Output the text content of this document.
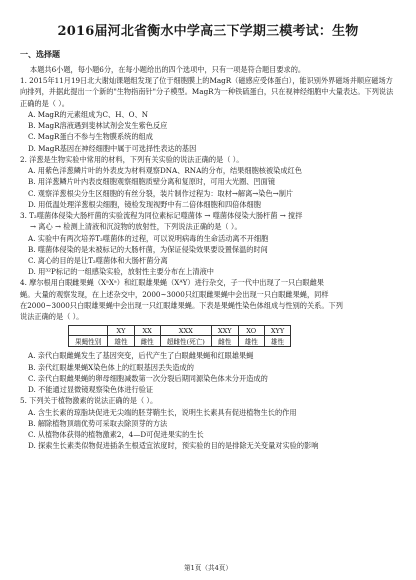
2016届河北省衡水中学高三下学期三模考试：生物
一、选择题

本题共6小题，每小题6分，在每小题给出的四个选项中，只有一项是符合题目要求的。

1. 2015年11月19日北大谢灿课题组发现了位于细胞膜上的MagR（磁感应受体蛋白），能识别外界磁场并顺应磁场方向排列，并据此提出一个新的"生物指南针"分子模型。MagR为一种铁硫蛋白，只在视神经细胞中大量表达。下列说法正确的是（ ）。

A. MagR的元素组成为C、H、O、N

B. MagR溶液遇到斐林试剂会发生紫色反应

C. MagR蛋白不参与生物膜系统的组成

D. MagR基因在神经细胞中属于可选择性表达的基因

2. 洋葱是生物实验中常用的材料，下列有关实验的说法正确的是（ ）。

A. 用紫色洋葱鳞片叶的外表皮为材料观察DNA、RNA的分布，结果细胞核被染成红色

B. 用洋葱鳞片叶内表皮细胞观察细胞质壁分离和复原时，可用大光圈、凹面镜

C. 观察洋葱根尖分生区细胞的有丝分裂，装片制作过程为：取材→解离→染色→制片

D. 用低温处理洋葱根尖细胞，镜检发现视野中有二倍体细胞和四倍体细胞

3. T₂噬菌体侵染大肠杆菌的实验流程为同位素标记噬菌体 → 噬菌体侵染大肠杆菌 → 搅拌

→ 离心 → 检测上清液和沉淀物的放射性，下列说法正确的是（ ）。

A. 实验中有两次培养T₂噬菌体的过程，可以说明病毒的生命活动离不开细胞

B. 噬菌体侵染的是未被标记的大肠杆菌，为保证侵染效果要设置保温的时间

C. 离心的目的是让T₂噬菌体和大肠杆菌分离

D. 用³²P标记的一组感染实验，放射性主要分布在上清液中

4. 摩尔根用白眼雌果蝇（XᵃXᵃ）和红眼雄果蝇（XᴬY）进行杂交，子一代中出现了一只白眼雌果

蝇。大量的观察发现，在上述杂交中，2000~3000只红眼雌果蝇中会出现一只白眼雌果蝇，同样

在2000~3000只白眼雄果蝇中会出现一只红眼雄果蝇。下表是果蝇性染色体组成与性别的关系。下列

说法正确的是（ ）。

	XY	XX	XXX	XXY	XO	XYY
果蝇性别	雄性	雌性	超雌性(死亡)	雌性	雄性	雄性

A. 亲代白眼雌蝇发生了基因突变，后代产生了白眼雌果蝇和红眼雄果蝇

B. 亲代红眼雄果蝇X染色体上的红眼基因丢失造成的

C. 亲代白眼雌果蝇的卵母细胞减数第一次分裂后期同源染色体未分开造成的

D. 不能通过显微镜观察染色体进行验证

5. 下列关于植物激素的说法正确的是（ ）。

A. 含生长素的琼脂块促进无尖端的胚芽鞘生长，说明生长素具有促进植物生长的作用

B. 解除植物顶端优势可采取去除顶芽的方法

C. 从植物体获得的植物激素2，4—D可促进果实的生长

D. 探索生长素类似物促进插条生根适宜浓度时，预实验的目的是排除无关变量对实验的影响

第1页（共4页）
